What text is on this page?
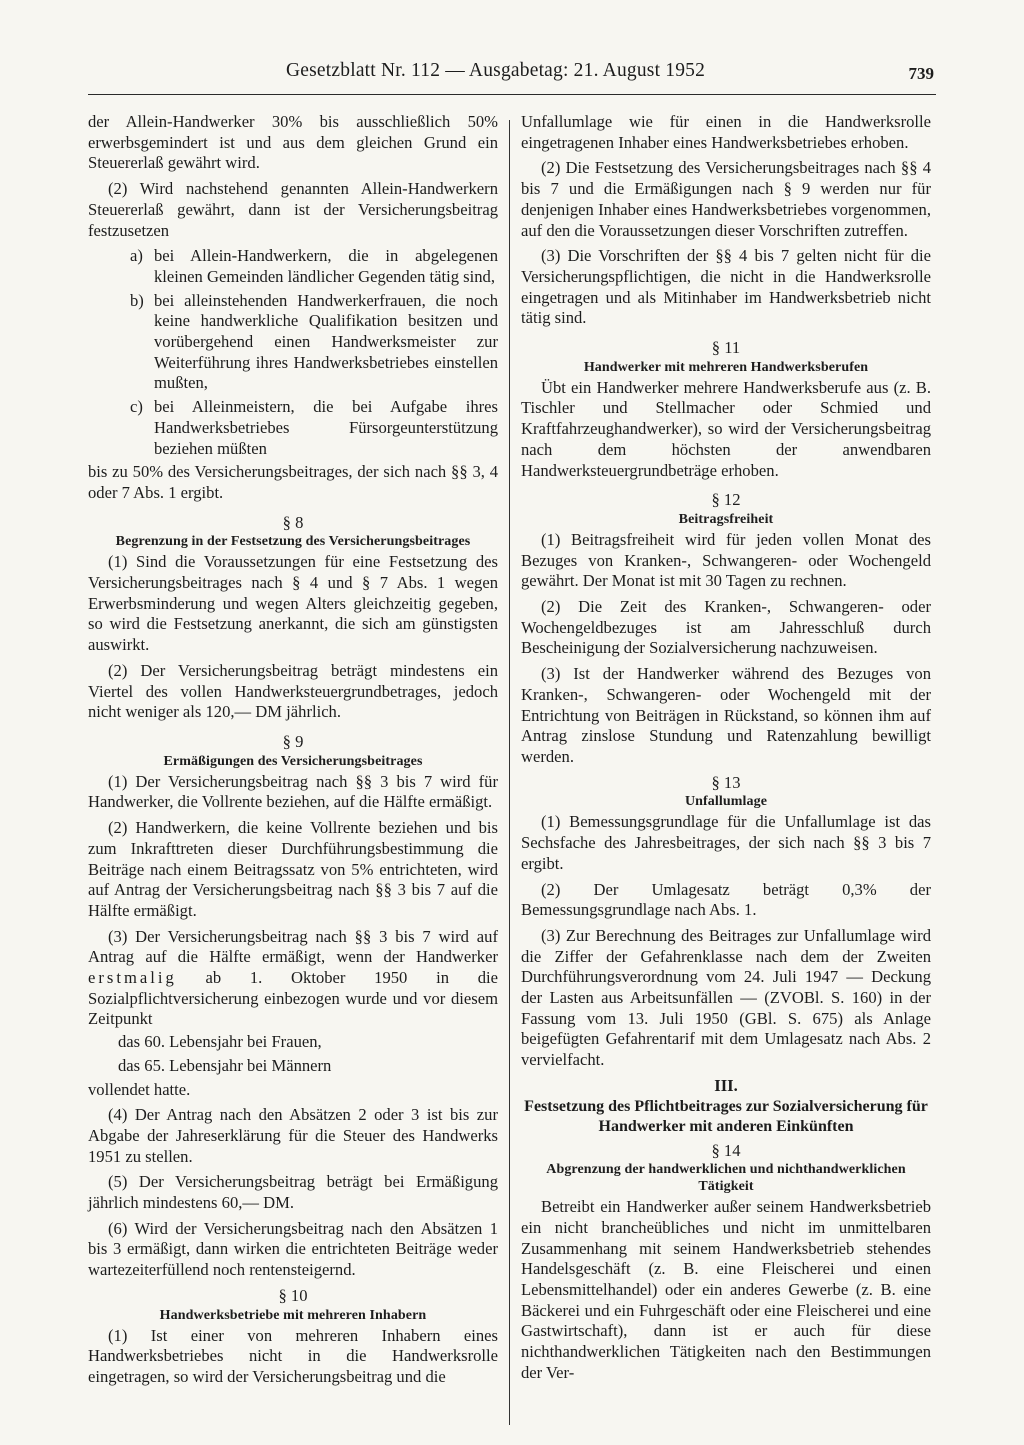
Gesetzblatt Nr. 112 — Ausgabetag: 21. August 1952	739

der Allein-Handwerker 30% bis ausschließlich 50% erwerbsgemindert ist und aus dem gleichen Grund ein Steuererlaß gewährt wird.

(2) Wird nachstehend genannten Allein-Handwerkern Steuererlaß gewährt, dann ist der Versicherungsbeitrag festzusetzen

a) bei Allein-Handwerkern, die in abgelegenen kleinen Gemeinden ländlicher Gegenden tätig sind,
b) bei alleinstehenden Handwerkerfrauen, die noch keine handwerkliche Qualifikation besitzen und vorübergehend einen Handwerksmeister zur Weiterführung ihres Handwerksbetriebes einstellen mußten,
c) bei Alleinmeistern, die bei Aufgabe ihres Handwerksbetriebes Fürsorgeunterstützung beziehen müßten

bis zu 50% des Versicherungsbeitrages, der sich nach §§ 3, 4 oder 7 Abs. 1 ergibt.

§ 8

Begrenzung in der Festsetzung des Versicherungsbeitrages

(1) Sind die Voraussetzungen für eine Festsetzung des Versicherungsbeitrages nach § 4 und § 7 Abs. 1 wegen Erwerbsminderung und wegen Alters gleichzeitig gegeben, so wird die Festsetzung anerkannt, die sich am günstigsten auswirkt.

(2) Der Versicherungsbeitrag beträgt mindestens ein Viertel des vollen Handwerksteuergrundbetrages, jedoch nicht weniger als 120,— DM jährlich.

§ 9

Ermäßigungen des Versicherungsbeitrages

(1) Der Versicherungsbeitrag nach §§ 3 bis 7 wird für Handwerker, die Vollrente beziehen, auf die Hälfte ermäßigt.

(2) Handwerkern, die keine Vollrente beziehen und bis zum Inkrafttreten dieser Durchführungsbestimmung die Beiträge nach einem Beitragssatz von 5% entrichteten, wird auf Antrag der Versicherungsbeitrag nach §§ 3 bis 7 auf die Hälfte ermäßigt.

(3) Der Versicherungsbeitrag nach §§ 3 bis 7 wird auf Antrag auf die Hälfte ermäßigt, wenn der Handwerker erstmalig ab 1. Oktober 1950 in die Sozialpflichtversicherung einbezogen wurde und vor diesem Zeitpunkt

das 60. Lebensjahr bei Frauen,

das 65. Lebensjahr bei Männern

vollendet hatte.

(4) Der Antrag nach den Absätzen 2 oder 3 ist bis zur Abgabe der Jahreserklärung für die Steuer des Handwerks 1951 zu stellen.

(5) Der Versicherungsbeitrag beträgt bei Ermäßigung jährlich mindestens 60,— DM.

(6) Wird der Versicherungsbeitrag nach den Absätzen 1 bis 3 ermäßigt, dann wirken die entrichteten Beiträge weder wartezeiterfüllend noch rentensteigernd.

§ 10

Handwerksbetriebe mit mehreren Inhabern

(1) Ist einer von mehreren Inhabern eines Handwerksbetriebes nicht in die Handwerksrolle eingetragen, so wird der Versicherungsbeitrag und die

Unfallumlage wie für einen in die Handwerksrolle eingetragenen Inhaber eines Handwerksbetriebes erhoben.

(2) Die Festsetzung des Versicherungsbeitrages nach §§ 4 bis 7 und die Ermäßigungen nach § 9 werden nur für denjenigen Inhaber eines Handwerksbetriebes vorgenommen, auf den die Voraussetzungen dieser Vorschriften zutreffen.

(3) Die Vorschriften der §§ 4 bis 7 gelten nicht für die Versicherungspflichtigen, die nicht in die Handwerksrolle eingetragen und als Mitinhaber im Handwerksbetrieb nicht tätig sind.

§ 11

Handwerker mit mehreren Handwerksberufen

Übt ein Handwerker mehrere Handwerksberufe aus (z. B. Tischler und Stellmacher oder Schmied und Kraftfahrzeughandwerker), so wird der Versicherungsbeitrag nach dem höchsten der anwendbaren Handwerksteuergrundbeträge erhoben.

§ 12

Beitragsfreiheit

(1) Beitragsfreiheit wird für jeden vollen Monat des Bezuges von Kranken-, Schwangeren- oder Wochengeld gewährt. Der Monat ist mit 30 Tagen zu rechnen.

(2) Die Zeit des Kranken-, Schwangeren- oder Wochengeldbezuges ist am Jahresschluß durch Bescheinigung der Sozialversicherung nachzuweisen.

(3) Ist der Handwerker während des Bezuges von Kranken-, Schwangeren- oder Wochengeld mit der Entrichtung von Beiträgen in Rückstand, so können ihm auf Antrag zinslose Stundung und Ratenzahlung bewilligt werden.

§ 13

Unfallumlage

(1) Bemessungsgrundlage für die Unfallumlage ist das Sechsfache des Jahresbeitrages, der sich nach §§ 3 bis 7 ergibt.

(2) Der Umlagesatz beträgt 0,3% der Bemessungsgrundlage nach Abs. 1.

(3) Zur Berechnung des Beitrages zur Unfallumlage wird die Ziffer der Gefahrenklasse nach dem der Zweiten Durchführungsverordnung vom 24. Juli 1947 — Deckung der Lasten aus Arbeitsunfällen — (ZVOBl. S. 160) in der Fassung vom 13. Juli 1950 (GBl. S. 675) als Anlage beigefügten Gefahrentarif mit dem Umlagesatz nach Abs. 2 vervielfacht.

III.

Festsetzung des Pflichtbeitrages zur Sozialversicherung für Handwerker mit anderen Einkünften

§ 14

Abgrenzung der handwerklichen und nichthandwerklichen Tätigkeit

Betreibt ein Handwerker außer seinem Handwerksbetrieb ein nicht brancheübliches und nicht im unmittelbaren Zusammenhang mit seinem Handwerksbetrieb stehendes Handelsgeschäft (z. B. eine Fleischerei und einen Lebensmittelhandel) oder ein anderes Gewerbe (z. B. eine Bäckerei und ein Fuhrgeschäft oder eine Fleischerei und eine Gastwirtschaft), dann ist er auch für diese nichthandwerklichen Tätigkeiten nach den Bestimmungen der Ver-
